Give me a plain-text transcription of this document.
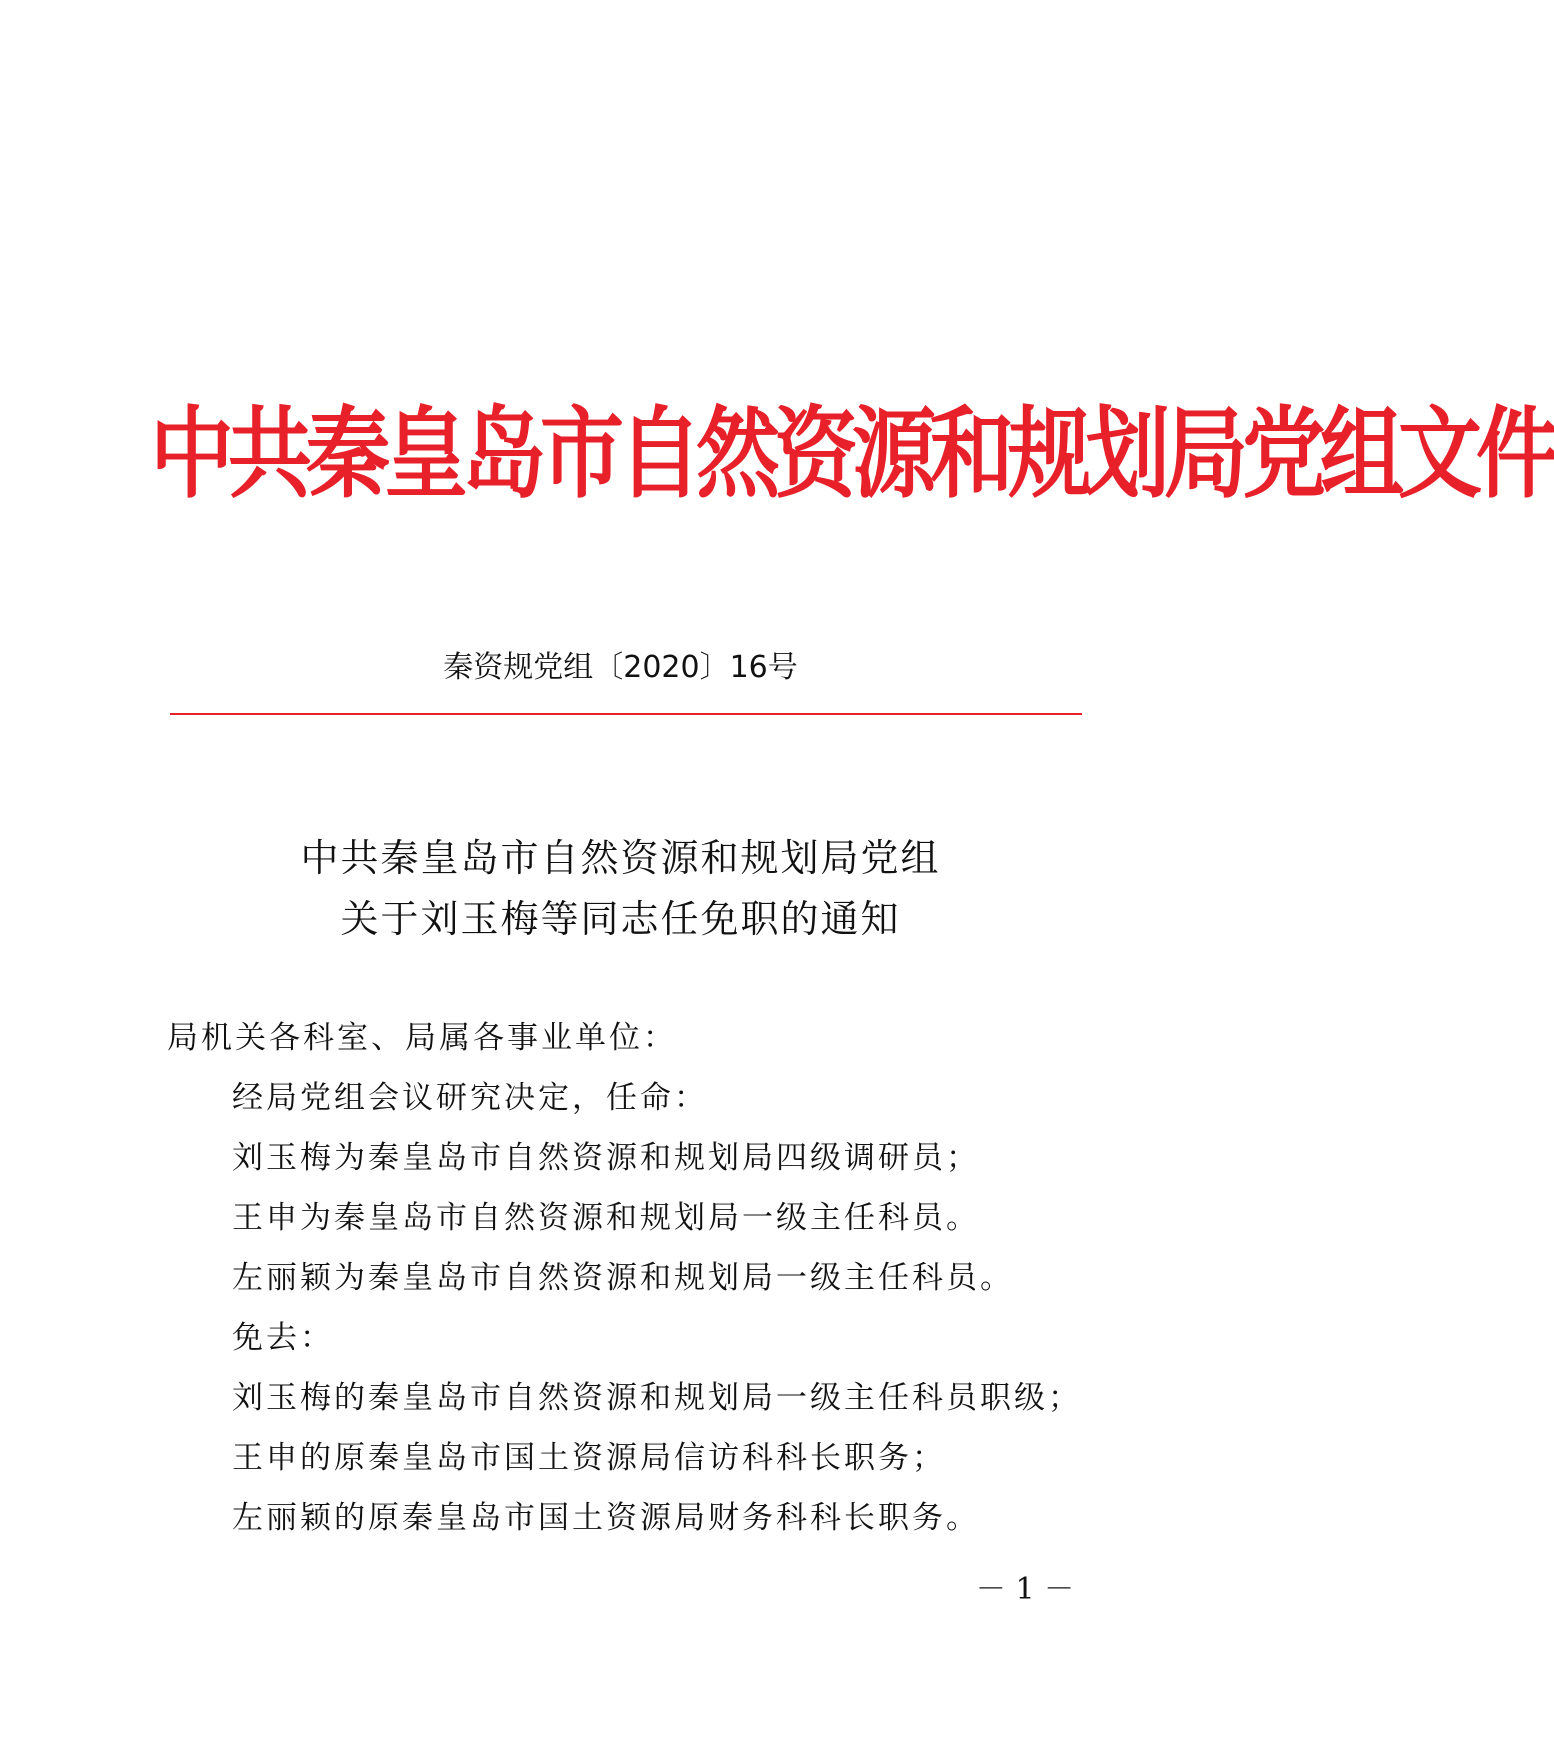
中共秦皇岛市自然资源和规划局党组文件
秦资规党组〔2020〕16号
中共秦皇岛市自然资源和规划局党组
关于刘玉梅等同志任免职的通知
局机关各科室、局属各事业单位：
经局党组会议研究决定，任命：
刘玉梅为秦皇岛市自然资源和规划局四级调研员；
王申为秦皇岛市自然资源和规划局一级主任科员。
左丽颖为秦皇岛市自然资源和规划局一级主任科员。
免去：
刘玉梅的秦皇岛市自然资源和规划局一级主任科员职级；
王申的原秦皇岛市国土资源局信访科科长职务；
左丽颖的原秦皇岛市国土资源局财务科科长职务。
－ 1 －
